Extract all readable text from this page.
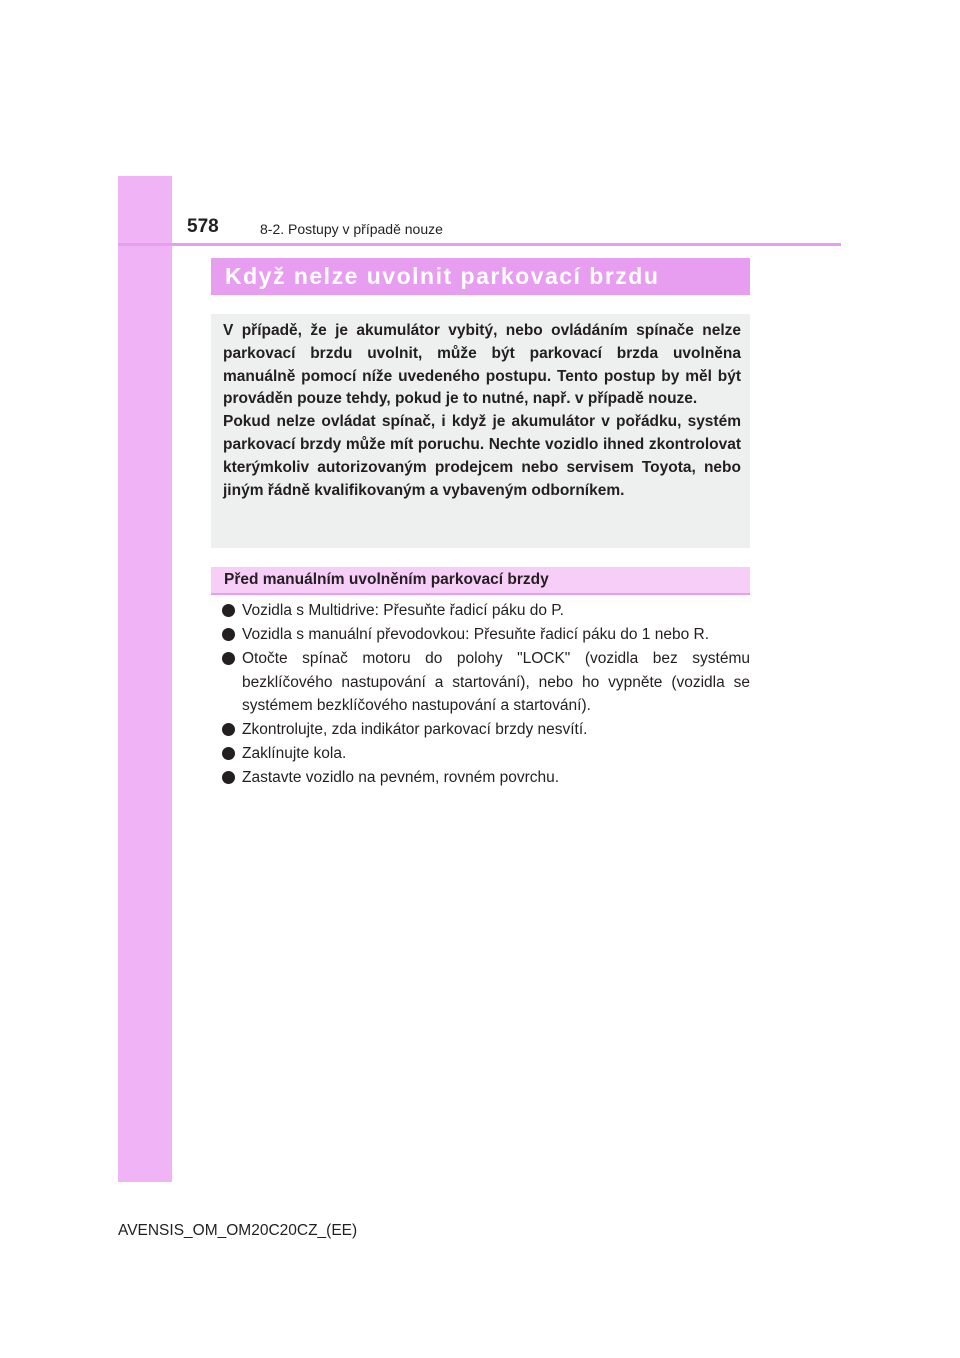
578	8-2. Postupy v případě nouze
Když nelze uvolnit parkovací brzdu

V případě, že je akumulátor vybitý, nebo ovládáním spínače nelze parkovací brzdu uvolnit, může být parkovací brzda uvolněna manuálně pomocí níže uvedeného postupu. Tento postup by měl být prováděn pouze tehdy, pokud je to nutné, např. v případě nouze.

Pokud nelze ovládat spínač, i když je akumulátor v pořádku, systém parkovací brzdy může mít poruchu. Nechte vozidlo ihned zkontrolovat kterýmkoliv autorizovaným prodejcem nebo servisem Toyota, nebo jiným řádně kvalifikovaným a vybaveným odborníkem.

Před manuálním uvolněním parkovací brzdy
Vozidla s Multidrive: Přesuňte řadicí páku do P.
Vozidla s manuální převodovkou: Přesuňte řadicí páku do 1 nebo R.
Otočte spínač motoru do polohy "LOCK" (vozidla bez systému bezklíčového nastupování a startování), nebo ho vypněte (vozidla se systémem bezklíčového nastupování a startování).
Zkontrolujte, zda indikátor parkovací brzdy nesvítí.
Zaklínujte kola.
Zastavte vozidlo na pevném, rovném povrchu.
AVENSIS_OM_OM20C20CZ_(EE)
